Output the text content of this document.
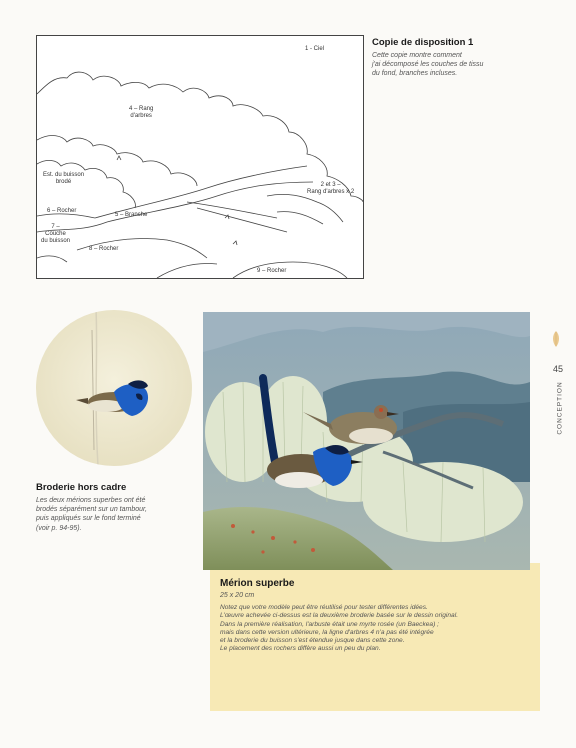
1 - Ciel
4 – Rang
d'arbres
Est. du buisson
brodé	2 et 3 –
Rang d'arbres x 2
6 – Rocher
5 – Branche
7 –
Couche
du buisson
8 – Rocher
9 – Rocher
Copie de disposition 1
Cette copie montre comment
j'ai décomposé les couches de tissu
du fond, branches incluses.
Broderie hors cadre
Les deux mérions superbes ont été
brodés séparément sur un tambour,
puis appliqués sur le fond terminé
(voir p. 94-95).
45
CONCEPTION
Mérion superbe
25 x 20 cm
Notez que votre modèle peut être réutilisé pour tester différentes idées.
L'œuvre achevée ci-dessus est la deuxième broderie basée sur le dessin original.
Dans la première réalisation, l'arbuste était une myrte rosée (un Baeckea) ;
mais dans cette version ultérieure, la ligne d'arbres 4 n'a pas été intégrée
et la broderie du buisson s'est étendue jusque dans cette zone.
Le placement des rochers diffère aussi un peu du plan.
